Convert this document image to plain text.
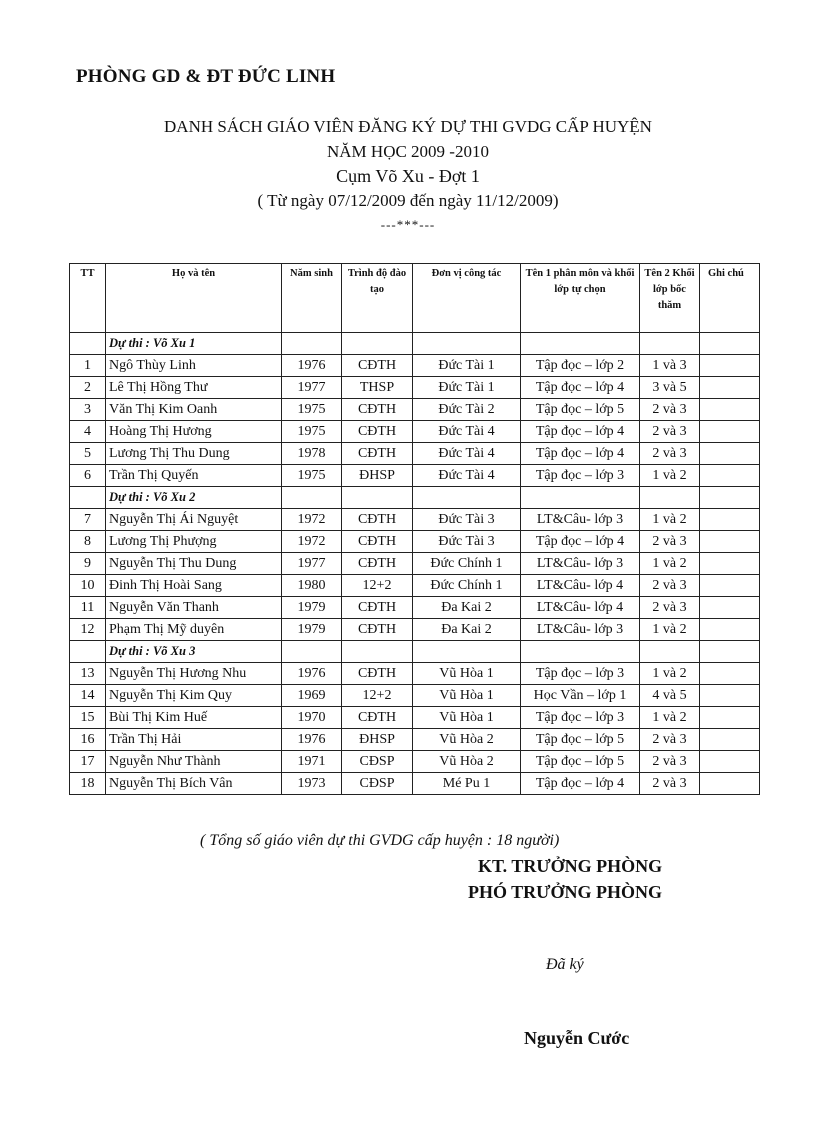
PHÒNG GD & ĐT ĐỨC LINH
DANH SÁCH GIÁO VIÊN ĐĂNG KÝ DỰ THI GVDG CẤP HUYỆN
NĂM HỌC 2009 -2010
Cụm Võ Xu - Đợt 1
( Từ ngày 07/12/2009 đến ngày 11/12/2009)
---***---
TT	Họ và tên	Năm sinh	Trình độ đào tạo	Đơn vị công tác	Tên 1 phân môn và khối lớp tự chọn	Tên 2 Khối lớp bốc thăm	Ghi chú
	Dự thi : Võ Xu 1						
1	Ngô Thùy Linh	1976	CĐTH	Đức Tài 1	Tập đọc – lớp 2	1 và 3	
2	Lê Thị Hồng Thư	1977	THSP	Đức Tài 1	Tập đọc – lớp 4	3 và 5	
3	Văn Thị Kim Oanh	1975	CĐTH	Đức Tài 2	Tập đọc – lớp 5	2 và 3	
4	Hoàng Thị Hương	1975	CĐTH	Đức Tài 4	Tập đọc – lớp 4	2 và 3	
5	Lương Thị Thu Dung	1978	CĐTH	Đức Tài 4	Tập đọc – lớp 4	2 và 3	
6	Trần Thị Quyến	1975	ĐHSP	Đức Tài 4	Tập đọc – lớp 3	1 và 2	
	Dự thi : Võ Xu 2						
7	Nguyễn Thị Ái Nguyệt	1972	CĐTH	Đức Tài 3	LT&Câu- lớp 3	1 và 2	
8	Lương Thị Phượng	1972	CĐTH	Đức Tài 3	Tập đọc – lớp 4	2 và 3	
9	Nguyễn Thị Thu Dung	1977	CĐTH	Đức Chính 1	LT&Câu- lớp 3	1 và 2	
10	Đinh Thị Hoài Sang	1980	12+2	Đức Chính 1	LT&Câu- lớp 4	2 và 3	
11	Nguyễn Văn Thanh	1979	CĐTH	Đa Kai 2	LT&Câu- lớp 4	2 và 3	
12	Phạm Thị Mỹ duyên	1979	CĐTH	Đa Kai 2	LT&Câu- lớp 3	1 và 2	
	Dự thi : Võ Xu 3						
13	Nguyễn Thị Hương Nhu	1976	CĐTH	Vũ Hòa 1	Tập đọc – lớp 3	1 và 2	
14	Nguyễn Thị Kim Quy	1969	12+2	Vũ Hòa 1	Học Vần – lớp 1	4 và 5	
15	Bùi Thị Kim Huế	1970	CĐTH	Vũ Hòa 1	Tập đọc – lớp 3	1 và 2	
16	Trần Thị Hải	1976	ĐHSP	Vũ Hòa 2	Tập đọc – lớp 5	2 và 3	
17	Nguyễn Như Thành	1971	CĐSP	Vũ Hòa 2	Tập đọc – lớp 5	2 và 3	
18	Nguyễn Thị Bích Vân	1973	CĐSP	Mé Pu 1	Tập đọc – lớp 4	2 và 3	
( Tổng số giáo viên dự thi GVDG cấp huyện : 18 người)
KT. TRƯỞNG PHÒNG
PHÓ TRƯỞNG PHÒNG
Đã ký
Nguyễn Cước
